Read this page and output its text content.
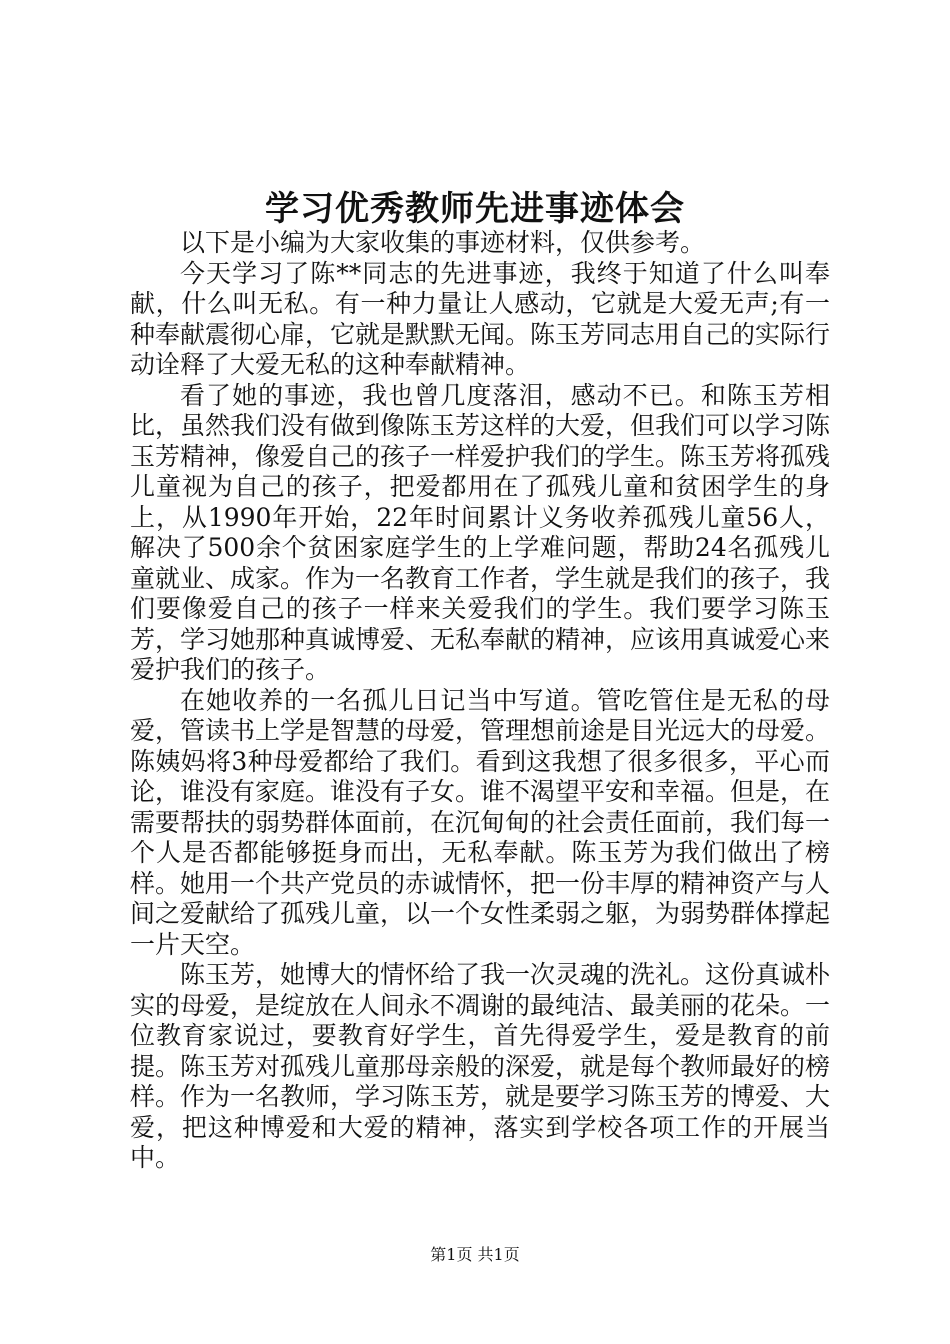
学习优秀教师先进事迹体会

以下是小编为大家收集的事迹材料，仅供参考。

今天学习了陈**同志的先进事迹，我终于知道了什么叫奉献，什么叫无私。有一种力量让人感动，它就是大爱无声;有一种奉献震彻心扉，它就是默默无闻。陈玉芳同志用自己的实际行动诠释了大爱无私的这种奉献精神。

看了她的事迹，我也曾几度落泪，感动不已。和陈玉芳相比，虽然我们没有做到像陈玉芳这样的大爱，但我们可以学习陈玉芳精神，像爱自己的孩子一样爱护我们的学生。陈玉芳将孤残儿童视为自己的孩子，把爱都用在了孤残儿童和贫困学生的身上，从1990年开始，22年时间累计义务收养孤残儿童56人，解决了500余个贫困家庭学生的上学难问题，帮助24名孤残儿童就业、成家。作为一名教育工作者，学生就是我们的孩子，我们要像爱自己的孩子一样来关爱我们的学生。我们要学习陈玉芳，学习她那种真诚博爱、无私奉献的精神，应该用真诚爱心来爱护我们的孩子。

在她收养的一名孤儿日记当中写道。管吃管住是无私的母爱，管读书上学是智慧的母爱，管理想前途是目光远大的母爱。陈姨妈将3种母爱都给了我们。看到这我想了很多很多，平心而论，谁没有家庭。谁没有子女。谁不渴望平安和幸福。但是，在需要帮扶的弱势群体面前，在沉甸甸的社会责任面前，我们每一个人是否都能够挺身而出，无私奉献。陈玉芳为我们做出了榜样。她用一个共产党员的赤诚情怀，把一份丰厚的精神资产与人间之爱献给了孤残儿童，以一个女性柔弱之躯，为弱势群体撑起一片天空。

陈玉芳，她博大的情怀给了我一次灵魂的洗礼。这份真诚朴实的母爱，是绽放在人间永不凋谢的最纯洁、最美丽的花朵。一位教育家说过，要教育好学生，首先得爱学生，爱是教育的前提。陈玉芳对孤残儿童那母亲般的深爱，就是每个教师最好的榜样。作为一名教师，学习陈玉芳，就是要学习陈玉芳的博爱、大爱，把这种博爱和大爱的精神，落实到学校各项工作的开展当中。

第1页 共1页
